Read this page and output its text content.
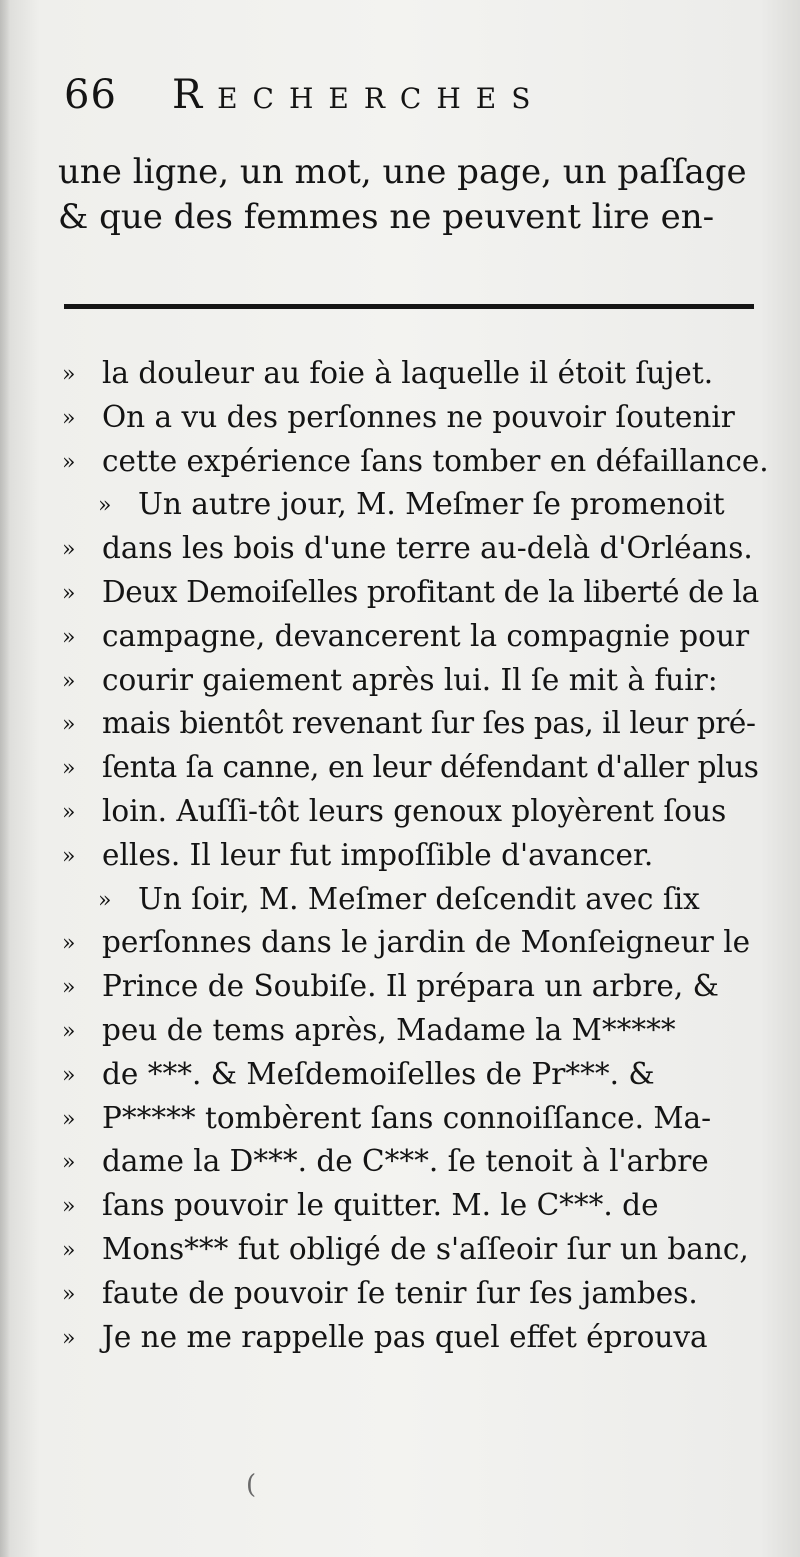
66 Recherches
une ligne, un mot, une page, un paſſage
& que des femmes ne peuvent lire en-
» la douleur au foie à laquelle il étoit ſujet.
» On a vu des perſonnes ne pouvoir ſoutenir
» cette expérience ſans tomber en défaillance.
» Un autre jour, M. Meſmer ſe promenoit
» dans les bois d'une terre au-delà d'Orléans.
» Deux Demoiſelles profitant de la liberté de la
» campagne, devancerent la compagnie pour
» courir gaiement après lui. Il ſe mit à fuir:
» mais bientôt revenant ſur ſes pas, il leur pré-
» ſenta ſa canne, en leur défendant d'aller plus
» loin. Auſſi-tôt leurs genoux ployèrent ſous
» elles. Il leur fut impoſſible d'avancer.
» Un ſoir, M. Meſmer deſcendit avec ſix
» perſonnes dans le jardin de Monſeigneur le
» Prince de Soubiſe. Il prépara un arbre, &
» peu de tems après, Madame la M*****
» de ***. & Meſdemoiſelles de Pr***. &
» P***** tombèrent ſans connoiſſance. Ma-
» dame la D***. de C***. ſe tenoit à l'arbre
» ſans pouvoir le quitter. M. le C***. de
» Mons*** fut obligé de s'aſſeoir ſur un banc,
» faute de pouvoir ſe tenir ſur ſes jambes.
» Je ne me rappelle pas quel effet éprouva
(
